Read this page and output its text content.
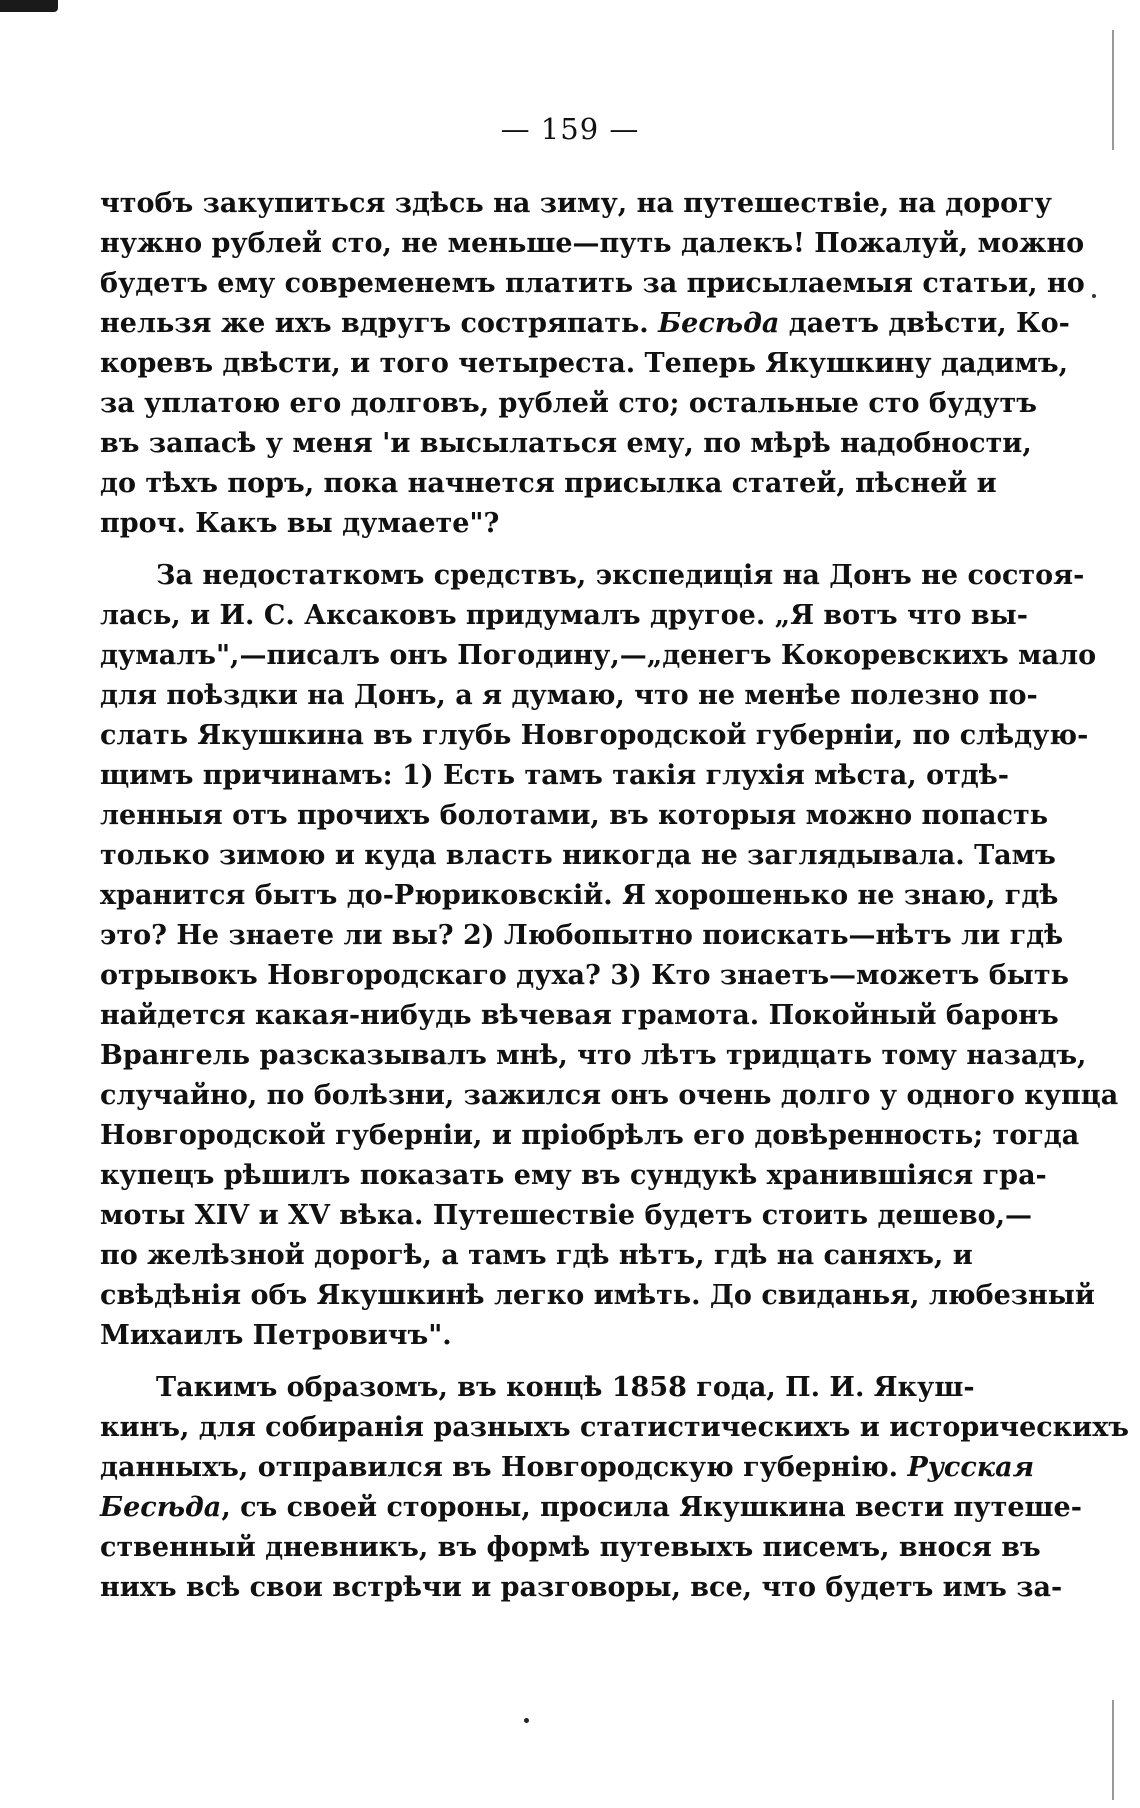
— 159 —
чтобъ закупиться здѣсь на зиму, на путешествіе, на дорогу
нужно рублей сто, не меньше—путь далекъ! Пожалуй, можно
будетъ ему современемъ платить за присылаемыя статьи, но
нельзя же ихъ вдругъ состряпать. Бесѣда даетъ двѣсти, Ко-
коревъ двѣсти, и того четыреста. Теперь Якушкину дадимъ,
за уплатою его долговъ, рублей сто; остальные сто будутъ
въ запасѣ у меня 'и высылаться ему, по мѣрѣ надобности,
до тѣхъ поръ, пока начнется присылка статей, пѣсней и
проч. Какъ вы думаете"?
За недостаткомъ средствъ, экспедиція на Донъ не состоя-
лась, и И. С. Аксаковъ придумалъ другое. „Я вотъ что вы-
думалъ",—писалъ онъ Погодину,—„денегъ Кокоревскихъ мало
для поѣздки на Донъ, а я думаю, что не менѣе полезно по-
слать Якушкина въ глубь Новгородской губерніи, по слѣдую-
щимъ причинамъ: 1) Есть тамъ такія глухія мѣста, отдѣ-
ленныя отъ прочихъ болотами, въ которыя можно попасть
только зимою и куда власть никогда не заглядывала. Тамъ
хранится бытъ до-Рюриковскій. Я хорошенько не знаю, гдѣ
это? Не знаете ли вы? 2) Любопытно поискать—нѣтъ ли гдѣ
отрывокъ Новгородскаго духа? 3) Кто знаетъ—можетъ быть
найдется какая-нибудь вѣчевая грамота. Покойный баронъ
Врангель разсказывалъ мнѣ, что лѣтъ тридцать тому назадъ,
случайно, по болѣзни, зажился онъ очень долго у одного купца
Новгородской губерніи, и пріобрѣлъ его довѣренность; тогда
купецъ рѣшилъ показать ему въ сундукѣ хранившіяся гра-
моты XIV и XV вѣка. Путешествіе будетъ стоить дешево,—
по желѣзной дорогѣ, а тамъ гдѣ нѣтъ, гдѣ на саняхъ, и
свѣдѣнія объ Якушкинѣ легко имѣть. До свиданья, любезный
Михаилъ Петровичъ".
Такимъ образомъ, въ концѣ 1858 года, П. И. Якуш-
кинъ, для собиранія разныхъ статистическихъ и историческихъ
данныхъ, отправился въ Новгородскую губернію. Русская
Бесѣда, съ своей стороны, просила Якушкина вести путеше-
ственный дневникъ, въ формѣ путевыхъ писемъ, внося въ
нихъ всѣ свои встрѣчи и разговоры, все, что будетъ имъ за-
